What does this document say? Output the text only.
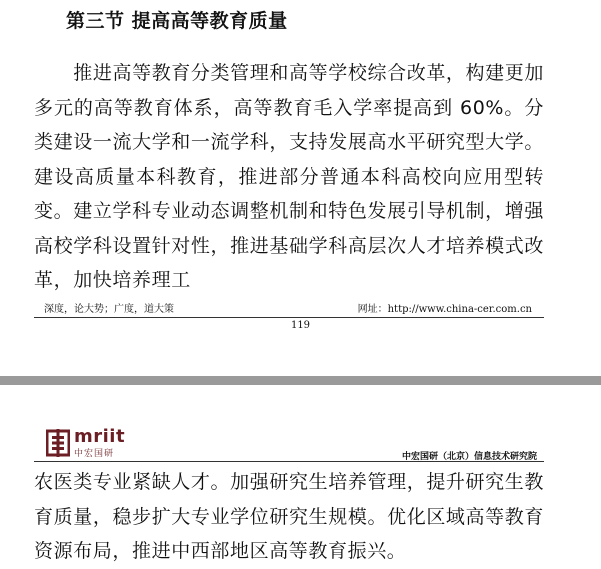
第三节 提高高等教育质量

　　推进高等教育分类管理和高等学校综合改革，构建更加多元的高等教育体系，高等教育毛入学率提高到 60%。分类建设一流大学和一流学科，支持发展高水平研究型大学。建设高质量本科教育，推进部分普通本科高校向应用型转变。建立学科专业动态调整机制和特色发展引导机制，增强高校学科设置针对性，推进基础学科高层次人才培养模式改革，加快培养理工

深度，论大势；广度，道大策	网址：http://www.china-cer.com.cn
119
mriit
中宏国研	中宏国研（北京）信息技术研究院

农医类专业紧缺人才。加强研究生培养管理，提升研究生教育质量，稳步扩大专业学位研究生规模。优化区域高等教育资源布局，推进中西部地区高等教育振兴。
